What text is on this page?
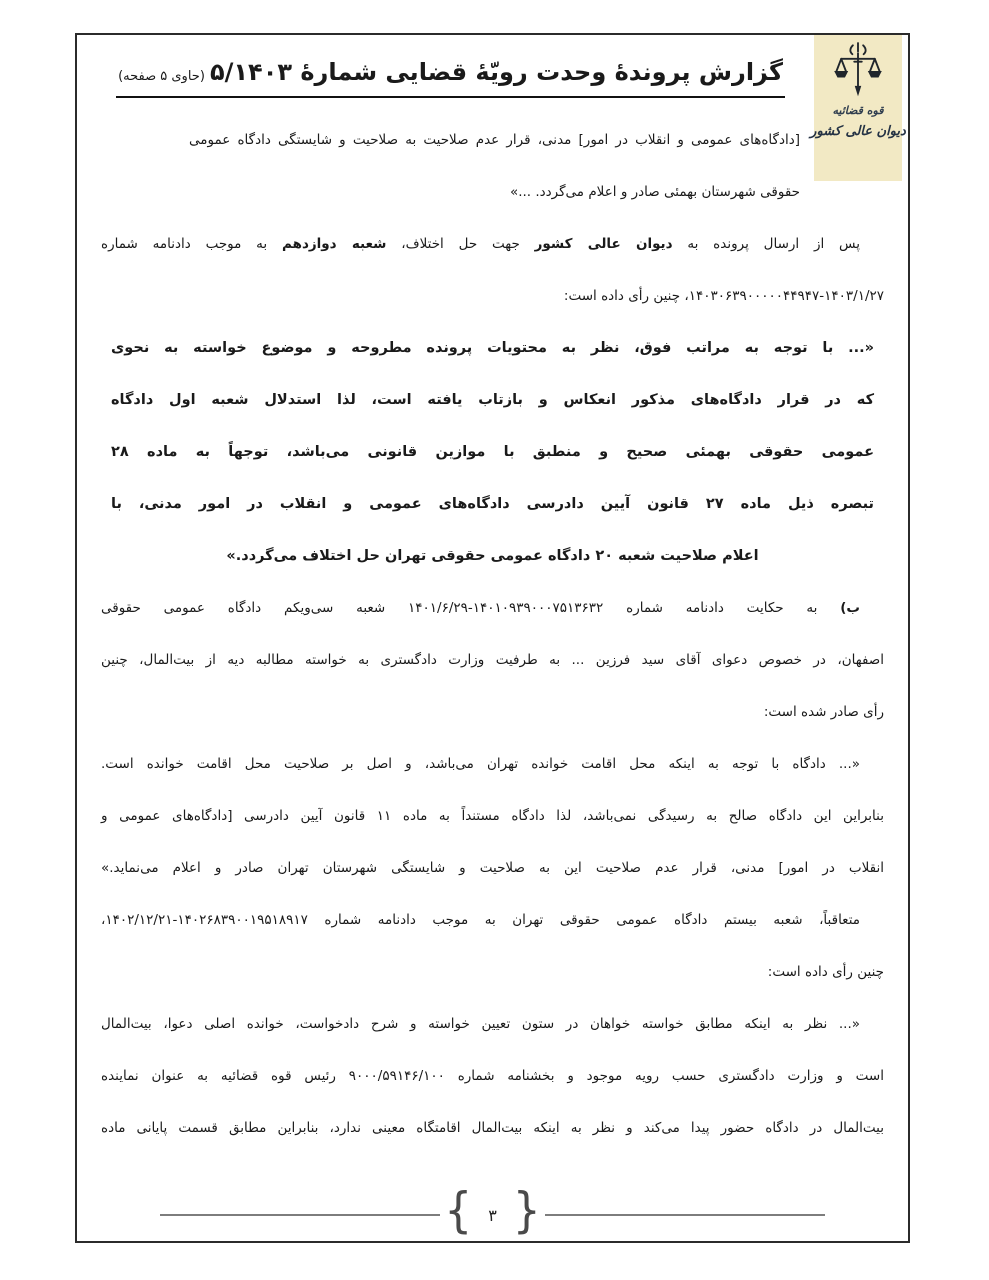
قوه قضائیه
دیوان عالی کشور
گزارش پروندهٔ وحدت رویّهٔ قضایی شمارهٔ ۵/۱۴۰۳ (حاوی ۵ صفحه)
[دادگاه‌های عمومی و انقلاب در امور] مدنی، قرار عدم صلاحیت به صلاحیت و شایستگی دادگاه عمومی
حقوقی شهرستان بهمئی صادر و اعلام می‌گردد. ...»
پس از ارسال پرونده به دیوان عالی کشور جهت حل اختلاف، شعبه دوازدهم به موجب دادنامه شماره
۱۴۰۳۰۶۳۹۰۰۰۰۰۴۴۹۴۷-۱۴۰۳/۱/۲۷، چنین رأی داده است:
«... با توجه به مراتب فوق، نظر به محتویات پرونده مطروحه و موضوع خواسته به نحوی
که در قرار دادگاه‌های مذکور انعکاس و بازتاب یافته است، لذا استدلال شعبه اول دادگاه
عمومی حقوقی بهمئی صحیح و منطبق با موازین قانونی می‌باشد، توجهاً به ماده ۲۸
تبصره ذیل ماده ۲۷ قانون آیین دادرسی دادگاه‌های عمومی و انقلاب در امور مدنی، با
اعلام صلاحیت شعبه ۲۰ دادگاه عمومی حقوقی تهران حل اختلاف می‌گردد.»
ب) به حکایت دادنامه شماره ۱۴۰۱۰۹۳۹۰۰۰۷۵۱۳۶۳۲-۱۴۰۱/۶/۲۹ شعبه سی‌ویکم دادگاه عمومی حقوقی
اصفهان، در خصوص دعوای آقای سید فرزین ... به طرفیت وزارت دادگستری به خواسته مطالبه دیه از بیت‌المال، چنین
رأی صادر شده است:
«... دادگاه با توجه به اینکه محل اقامت خوانده تهران می‌باشد، و اصل بر صلاحیت محل اقامت خوانده است.
بنابراین این دادگاه صالح به رسیدگی نمی‌باشد، لذا دادگاه مستنداً به ماده ۱۱ قانون آیین دادرسی [دادگاه‌های عمومی و
انقلاب در امور] مدنی، قرار عدم صلاحیت این به صلاحیت و شایستگی شهرستان تهران صادر و اعلام می‌نماید.»
متعاقباً، شعبه بیستم دادگاه عمومی حقوقی تهران به موجب دادنامه شماره ۱۴۰۲۶۸۳۹۰۰۱۹۵۱۸۹۱۷-۱۴۰۲/۱۲/۲۱،
چنین رأی داده است:
«... نظر به اینکه مطابق خواسته خواهان در ستون تعیین خواسته و شرح دادخواست، خوانده اصلی دعوا، بیت‌المال
است و وزارت دادگستری حسب رویه موجود و بخشنامه شماره ۹۰۰۰/۵۹۱۴۶/۱۰۰ رئیس قوه قضائیه به عنوان نماینده
بیت‌المال در دادگاه حضور پیدا می‌کند و نظر به اینکه بیت‌المال اقامتگاه معینی ندارد، بنابراین مطابق قسمت پایانی ماده
{	۳ }
